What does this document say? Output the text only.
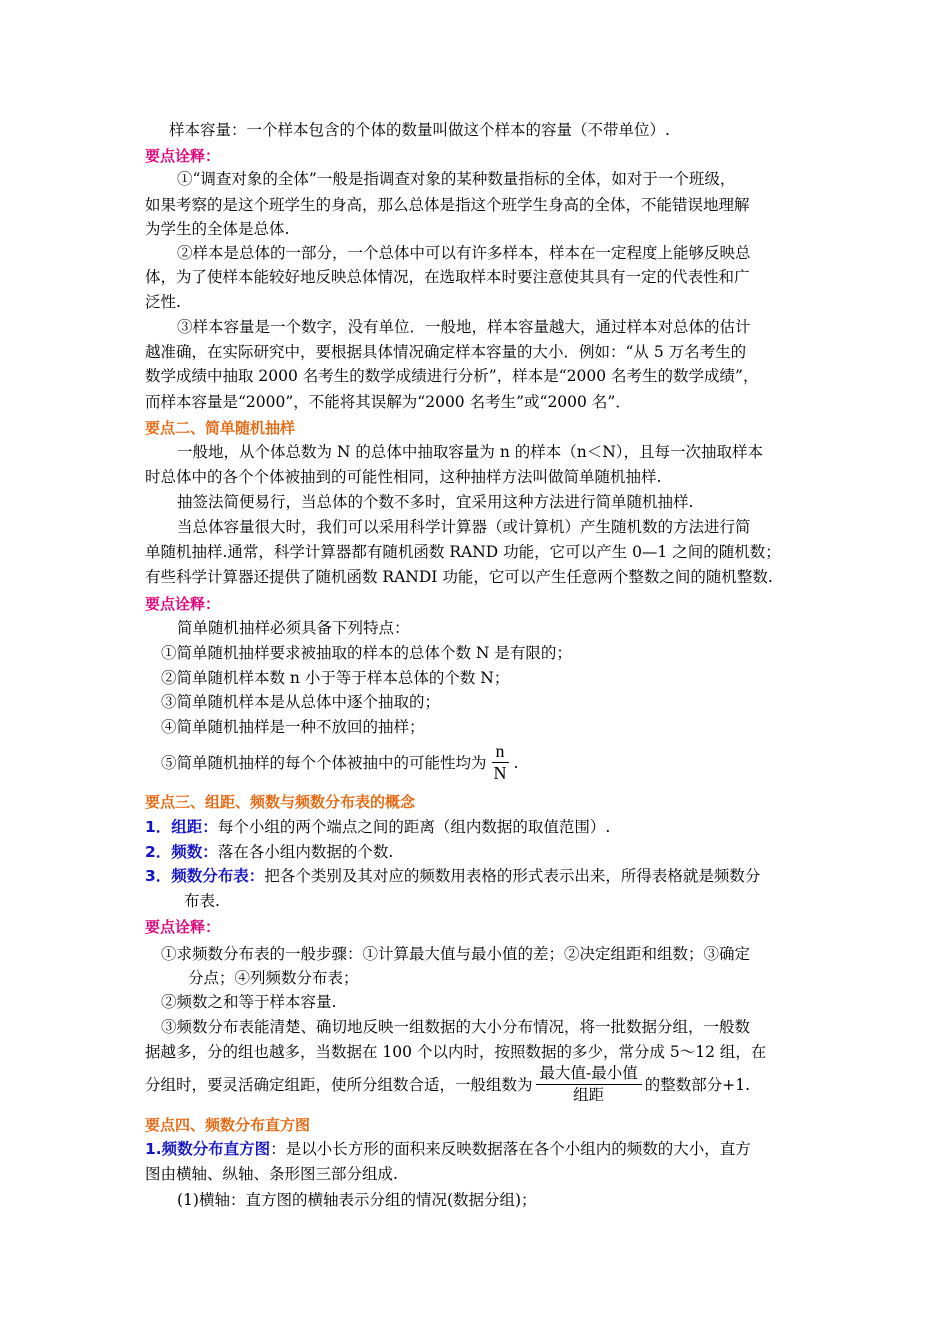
样本容量：一个样本包含的个体的数量叫做这个样本的容量（不带单位）.
要点诠释：
①“调查对象的全体”一般是指调查对象的某种数量指标的全体，如对于一个班级，
如果考察的是这个班学生的身高，那么总体是指这个班学生身高的全体，不能错误地理解
为学生的全体是总体.
②样本是总体的一部分，一个总体中可以有许多样本，样本在一定程度上能够反映总
体，为了使样本能较好地反映总体情况，在选取样本时要注意使其具有一定的代表性和广
泛性.
③样本容量是一个数字，没有单位．一般地，样本容量越大，通过样本对总体的估计
越准确，在实际研究中，要根据具体情况确定样本容量的大小．例如：“从 5 万名考生的
数学成绩中抽取 2000 名考生的数学成绩进行分析”，样本是“2000 名考生的数学成绩”，
而样本容量是“2000”，不能将其误解为“2000 名考生”或“2000 名”．
要点二、简单随机抽样
一般地，从个体总数为 N 的总体中抽取容量为 n 的样本（n＜N），且每一次抽取样本
时总体中的各个个体被抽到的可能性相同，这种抽样方法叫做简单随机抽样.
抽签法简便易行，当总体的个数不多时，宜采用这种方法进行简单随机抽样.
当总体容量很大时，我们可以采用科学计算器（或计算机）产生随机数的方法进行简
单随机抽样.通常，科学计算器都有随机函数 RAND 功能，它可以产生 0—1 之间的随机数；
有些科学计算器还提供了随机函数 RANDI 功能，它可以产生任意两个整数之间的随机整数.
要点诠释：
简单随机抽样必须具备下列特点：
①简单随机抽样要求被抽取的样本的总体个数 N 是有限的；
②简单随机样本数 n 小于等于样本总体的个数 N；
③简单随机样本是从总体中逐个抽取的；
④简单随机抽样是一种不放回的抽样；
⑤简单随机抽样的每个个体被抽中的可能性均为 $\frac{n}{N}$ .
要点三、组距、频数与频数分布表的概念
1．组距：每个小组的两个端点之间的距离（组内数据的取值范围）.
2．频数：落在各小组内数据的个数.
3．频数分布表：把各个类别及其对应的频数用表格的形式表示出来，所得表格就是频数分
布表.
要点诠释：
①求频数分布表的一般步骤：①计算最大值与最小值的差；②决定组距和组数；③确定
分点；④列频数分布表；
②频数之和等于样本容量.
③频数分布表能清楚、确切地反映一组数据的大小分布情况，将一批数据分组，一般数
据越多，分的组也越多，当数据在 100 个以内时，按照数据的多少，常分成 5～12 组，在
分组时，要灵活确定组距，使所分组数合适，一般组数为 $\frac{\text{最大值-最小值}}{\text{组距}}$ 的整数部分+1.
要点四、频数分布直方图
1.频数分布直方图：是以小长方形的面积来反映数据落在各个小组内的频数的大小，直方
图由横轴、纵轴、条形图三部分组成.
(1)横轴：直方图的横轴表示分组的情况(数据分组)；
